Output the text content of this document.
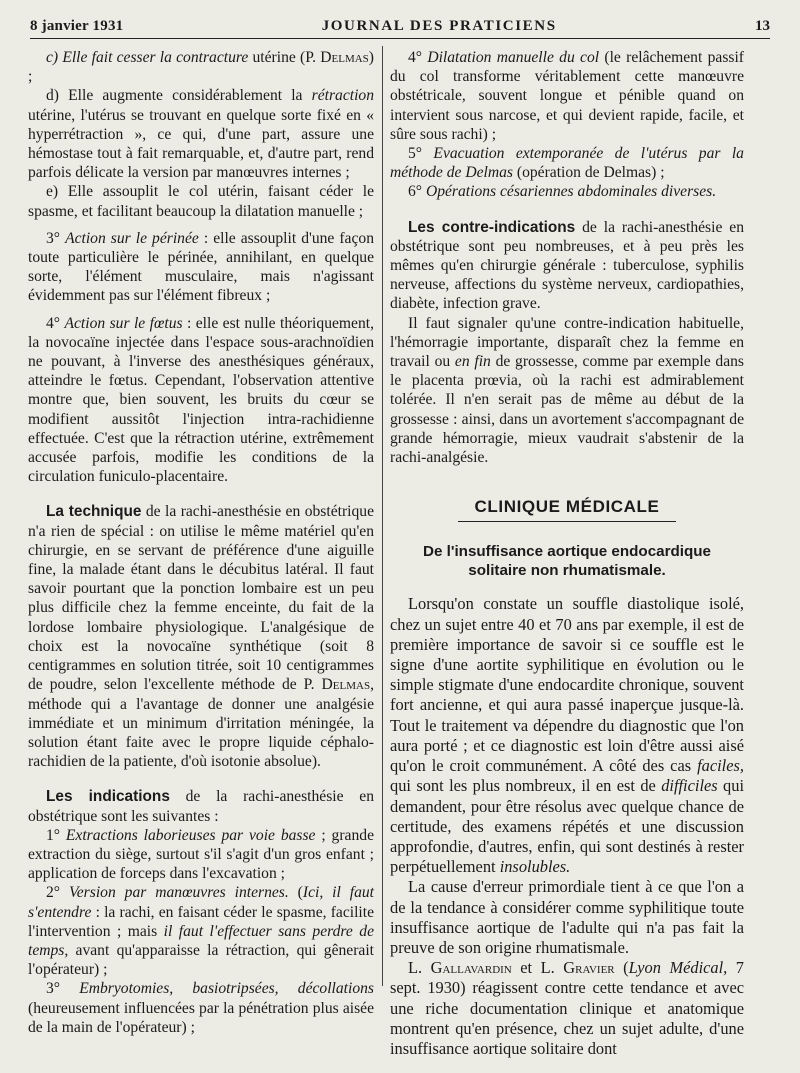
8 janvier 1931	JOURNAL DES PRATICIENS	13

c) Elle fait cesser la contracture utérine (P. Delmas) ;

d) Elle augmente considérablement la rétraction utérine, l'utérus se trouvant en quelque sorte fixé en « hyperrétraction », ce qui, d'une part, assure une hémostase tout à fait remarquable, et, d'autre part, rend parfois délicate la version par manœuvres internes ;

e) Elle assouplit le col utérin, faisant céder le spasme, et facilitant beaucoup la dilatation manuelle ;

3° Action sur le périnée : elle assouplit d'une façon toute particulière le périnée, annihilant, en quelque sorte, l'élément musculaire, mais n'agissant évidemment pas sur l'élément fibreux ;

4° Action sur le fœtus : elle est nulle théoriquement, la novocaïne injectée dans l'espace sous-arachnoïdien ne pouvant, à l'inverse des anesthésiques généraux, atteindre le fœtus. Cependant, l'observation attentive montre que, bien souvent, les bruits du cœur se modifient aussitôt l'injection intra-rachidienne effectuée. C'est que la rétraction utérine, extrêmement accusée parfois, modifie les conditions de la circulation funiculo-placentaire.

La technique de la rachi-anesthésie en obstétrique n'a rien de spécial : on utilise le même matériel qu'en chirurgie, en se servant de préférence d'une aiguille fine, la malade étant dans le décubitus latéral. Il faut savoir pourtant que la ponction lombaire est un peu plus difficile chez la femme enceinte, du fait de la lordose lombaire physiologique. L'analgésique de choix est la novocaïne synthétique (soit 8 centigrammes en solution titrée, soit 10 centigrammes de poudre, selon l'excellente méthode de P. Delmas, méthode qui a l'avantage de donner une analgésie immédiate et un minimum d'irritation méningée, la solution étant faite avec le propre liquide céphalo-rachidien de la patiente, d'où isotonie absolue).

Les indications de la rachi-anesthésie en obstétrique sont les suivantes :

1° Extractions laborieuses par voie basse ; grande extraction du siège, surtout s'il s'agit d'un gros enfant ; application de forceps dans l'excavation ;

2° Version par manœuvres internes. (Ici, il faut s'entendre : la rachi, en faisant céder le spasme, facilite l'intervention ; mais il faut l'effectuer sans perdre de temps, avant qu'apparaisse la rétraction, qui gênerait l'opérateur) ;

3° Embryotomies, basiotripsées, décollations (heureusement influencées par la pénétration plus aisée de la main de l'opérateur) ;

4° Dilatation manuelle du col (le relâchement passif du col transforme véritablement cette manœuvre obstétricale, souvent longue et pénible quand on intervient sous narcose, et qui devient rapide, facile, et sûre sous rachi) ;

5° Evacuation extemporanée de l'utérus par la méthode de Delmas (opération de Delmas) ;

6° Opérations césariennes abdominales diverses.

Les contre-indications de la rachi-anesthésie en obstétrique sont peu nombreuses, et à peu près les mêmes qu'en chirurgie générale : tuberculose, syphilis nerveuse, affections du système nerveux, cardiopathies, diabète, infection grave.

Il faut signaler qu'une contre-indication habituelle, l'hémorragie importante, disparaît chez la femme en travail ou en fin de grossesse, comme par exemple dans le placenta prœvia, où la rachi est admirablement tolérée. Il n'en serait pas de même au début de la grossesse : ainsi, dans un avortement s'accompagnant de grande hémorragie, mieux vaudrait s'abstenir de la rachi-analgésie.

CLINIQUE MÉDICALE
De l'insuffisance aortique endocardique
solitaire non rhumatismale.

Lorsqu'on constate un souffle diastolique isolé, chez un sujet entre 40 et 70 ans par exemple, il est de première importance de savoir si ce souffle est le signe d'une aortite syphilitique en évolution ou le simple stigmate d'une endocardite chronique, souvent fort ancienne, et qui aura passé inaperçue jusque-là. Tout le traitement va dépendre du diagnostic que l'on aura porté ; et ce diagnostic est loin d'être aussi aisé qu'on le croit communément. A côté des cas faciles, qui sont les plus nombreux, il en est de difficiles qui demandent, pour être résolus avec quelque chance de certitude, des examens répétés et une discussion approfondie, d'autres, enfin, qui sont destinés à rester perpétuellement insolubles.

La cause d'erreur primordiale tient à ce que l'on a de la tendance à considérer comme syphilitique toute insuffisance aortique de l'adulte qui n'a pas fait la preuve de son origine rhumatismale.

L. Gallavardin et L. Gravier (Lyon Médical, 7 sept. 1930) réagissent contre cette tendance et avec une riche documentation clinique et anatomique montrent qu'en présence, chez un sujet adulte, d'une insuffisance aortique solitaire dont
